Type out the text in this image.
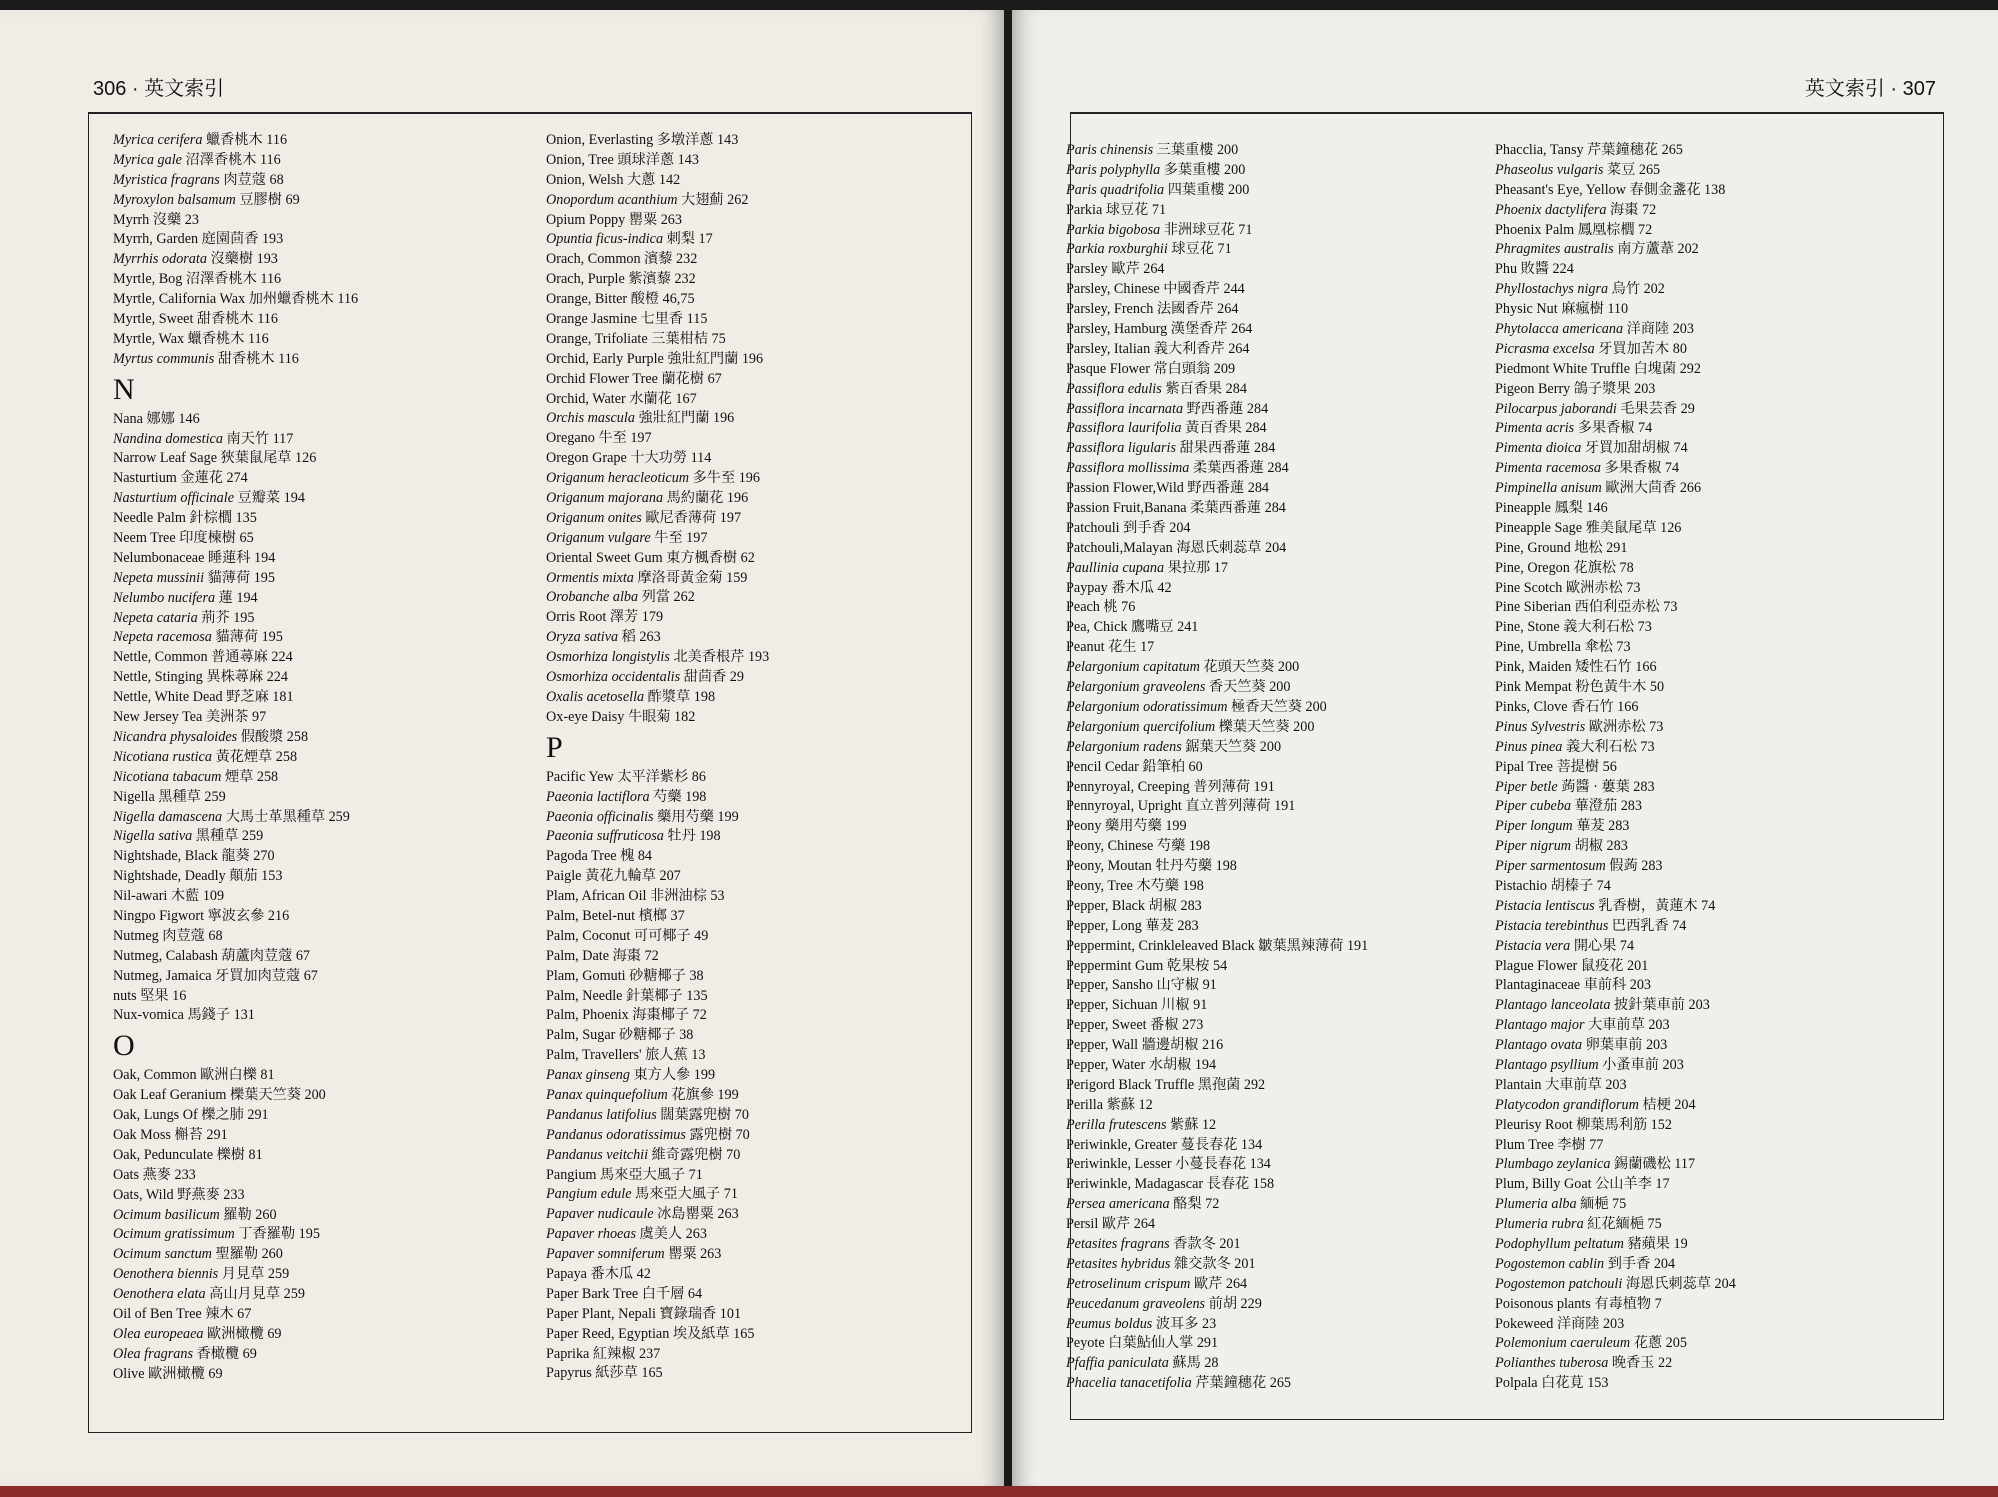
306 · 英文索引	英文索引 · 307
Myrica cerifera 蠟香桃木 116
Myrica gale 沼澤香桃木 116
Myristica fragrans 肉荳蔻 68
Myroxylon balsamum 豆膠樹 69
Myrrh 沒藥 23
Myrrh, Garden 庭園茴香 193
Myrrhis odorata 沒藥樹 193
Myrtle, Bog 沼澤香桃木 116
Myrtle, California Wax 加州蠟香桃木 116
Myrtle, Sweet 甜香桃木 116
Myrtle, Wax 蠟香桃木 116
Myrtus communis 甜香桃木 116
N
Nana 娜娜 146
Nandina domestica 南天竹 117
Narrow Leaf Sage 狹葉鼠尾草 126
Nasturtium 金蓮花 274
Nasturtium officinale 豆瓣菜 194
Needle Palm 針棕櫚 135
Neem Tree 印度楝樹 65
Nelumbonaceae 睡蓮科 194
Nepeta mussinii 貓薄荷 195
Nelumbo nucifera 蓮 194
Nepeta cataria 荊芥 195
Nepeta racemosa 貓薄荷 195
Nettle, Common 普通蕁麻 224
Nettle, Stinging 異株蕁麻 224
Nettle, White Dead 野芝麻 181
New Jersey Tea 美洲茶 97
Nicandra physaloides 假酸漿 258
Nicotiana rustica 黃花煙草 258
Nicotiana tabacum 煙草 258
Nigella 黑種草 259
Nigella damascena 大馬士革黑種草 259
Nigella sativa 黑種草 259
Nightshade, Black 龍葵 270
Nightshade, Deadly 顛茄 153
Nil-awari 木藍 109
Ningpo Figwort 寧波玄參 216
Nutmeg 肉荳蔻 68
Nutmeg, Calabash 葫蘆肉荳蔻 67
Nutmeg, Jamaica 牙買加肉荳蔻 67
nuts 堅果 16
Nux-vomica 馬錢子 131
O
Oak, Common 歐洲白櫟 81
Oak Leaf Geranium 櫟葉天竺葵 200
Oak, Lungs Of 櫟之肺 291
Oak Moss 槲苔 291
Oak, Pedunculate 櫟樹 81
Oats 燕麥 233
Oats, Wild 野燕麥 233
Ocimum basilicum 羅勒 260
Ocimum gratissimum 丁香羅勒 195
Ocimum sanctum 聖羅勒 260
Oenothera biennis 月見草 259
Oenothera elata 高山月見草 259
Oil of Ben Tree 辣木 67
Olea europeaea 歐洲橄欖 69
Olea fragrans 香橄欖 69
Olive 歐洲橄欖 69
Onion, Everlasting 多墩洋蔥 143
Onion, Tree 頭球洋蔥 143
Onion, Welsh 大蔥 142
Onopordum acanthium 大翅薊 262
Opium Poppy 罌粟 263
Opuntia ficus-indica 刺梨 17
Orach, Common 濱藜 232
Orach, Purple 紫濱藜 232
Orange, Bitter 酸橙 46,75
Orange Jasmine 七里香 115
Orange, Trifoliate 三葉柑桔 75
Orchid, Early Purple 強壯紅門蘭 196
Orchid Flower Tree 蘭花樹 67
Orchid, Water 水蘭花 167
Orchis mascula 強壯紅門蘭 196
Oregano 牛至 197
Oregon Grape 十大功勞 114
Origanum heracleoticum 多牛至 196
Origanum majorana 馬約蘭花 196
Origanum onites 歐尼香薄荷 197
Origanum vulgare 牛至 197
Oriental Sweet Gum 東方楓香樹 62
Ormentis mixta 摩洛哥黃金菊 159
Orobanche alba 列當 262
Orris Root 澤芳 179
Oryza sativa 稻 263
Osmorhiza longistylis 北美香根芹 193
Osmorhiza occidentalis 甜茴香 29
Oxalis acetosella 酢漿草 198
Ox-eye Daisy 牛眼菊 182
P
Pacific Yew 太平洋紫杉 86
Paeonia lactiflora 芍藥 198
Paeonia officinalis 藥用芍藥 199
Paeonia suffruticosa 牡丹 198
Pagoda Tree 槐 84
Paigle 黃花九輪草 207
Plam, African Oil 非洲油棕 53
Palm, Betel-nut 檳榔 37
Palm, Coconut 可可椰子 49
Palm, Date 海棗 72
Plam, Gomuti 砂糖椰子 38
Palm, Needle 針葉椰子 135
Palm, Phoenix 海棗椰子 72
Palm, Sugar 砂糖椰子 38
Palm, Travellers' 旅人蕉 13
Panax ginseng 東方人參 199
Panax quinquefolium 花旗參 199
Pandanus latifolius 闊葉露兜樹 70
Pandanus odoratissimus 露兜樹 70
Pandanus veitchii 維奇露兜樹 70
Pangium 馬來亞大風子 71
Pangium edule 馬來亞大風子 71
Papaver nudicaule 冰島罌粟 263
Papaver rhoeas 虞美人 263
Papaver somniferum 罌粟 263
Papaya 番木瓜 42
Paper Bark Tree 白千層 64
Paper Plant, Nepali 寶錄瑞香 101
Paper Reed, Egyptian 埃及紙草 165
Paprika 紅辣椒 237
Papyrus 紙莎草 165
Paris chinensis 三葉重樓 200
Paris polyphylla 多葉重樓 200
Paris quadrifolia 四葉重樓 200
Parkia 球豆花 71
Parkia bigobosa 非洲球豆花 71
Parkia roxburghii 球豆花 71
Parsley 歐芹 264
Parsley, Chinese 中國香芹 244
Parsley, French 法國香芹 264
Parsley, Hamburg 漢堡香芹 264
Parsley, Italian 義大利香芹 264
Pasque Flower 常白頭翁 209
Passiflora edulis 紫百香果 284
Passiflora incarnata 野西番蓮 284
Passiflora laurifolia 黃百香果 284
Passiflora ligularis 甜果西番蓮 284
Passiflora mollissima 柔葉西番蓮 284
Passion Flower,Wild 野西番蓮 284
Passion Fruit,Banana 柔葉西番蓮 284
Patchouli 到手香 204
Patchouli,Malayan 海恩氏刺蕊草 204
Paullinia cupana 果拉那 17
Paypay 番木瓜 42
Peach 桃 76
Pea, Chick 鷹嘴豆 241
Peanut 花生 17
Pelargonium capitatum 花頭天竺葵 200
Pelargonium graveolens 香天竺葵 200
Pelargonium odoratissimum 極香天竺葵 200
Pelargonium quercifolium 櫟葉天竺葵 200
Pelargonium radens 鋸葉天竺葵 200
Pencil Cedar 鉛筆柏 60
Pennyroyal, Creeping 普列薄荷 191
Pennyroyal, Upright 直立普列薄荷 191
Peony 藥用芍藥 199
Peony, Chinese 芍藥 198
Peony, Moutan 牡丹芍藥 198
Peony, Tree 木芍藥 198
Pepper, Black 胡椒 283
Pepper, Long 蓽茇 283
Peppermint, Crinkleleaved Black 皺葉黑辣薄荷 191
Peppermint Gum 乾果桉 54
Pepper, Sansho 山守椒 91
Pepper, Sichuan 川椒 91
Pepper, Sweet 番椒 273
Pepper, Wall 牆邊胡椒 216
Pepper, Water 水胡椒 194
Perigord Black Truffle 黑孢菌 292
Perilla 紫蘇 12
Perilla frutescens 紫蘇 12
Periwinkle, Greater 蔓長春花 134
Periwinkle, Lesser 小蔓長春花 134
Periwinkle, Madagascar 長春花 158
Persea americana 酪梨 72
Persil 歐芹 264
Petasites fragrans 香款冬 201
Petasites hybridus 雜交款冬 201
Petroselinum crispum 歐芹 264
Peucedanum graveolens 前胡 229
Peumus boldus 波耳多 23
Peyote 白葉鮎仙人掌 291
Pfaffia paniculata 蘇馬 28
Phacelia tanacetifolia 芹葉鐘穗花 265
Phacclia, Tansy 芹葉鐘穗花 265
Phaseolus vulgaris 菜豆 265
Pheasant's Eye, Yellow 春側金盞花 138
Phoenix dactylifera 海棗 72
Phoenix Palm 鳳凰棕櫚 72
Phragmites australis 南方蘆葦 202
Phu 敗醬 224
Phyllostachys nigra 烏竹 202
Physic Nut 麻瘋樹 110
Phytolacca americana 洋商陸 203
Picrasma excelsa 牙買加苦木 80
Piedmont White Truffle 白塊菌 292
Pigeon Berry 鴿子漿果 203
Pilocarpus jaborandi 毛果芸香 29
Pimenta acris 多果香椒 74
Pimenta dioica 牙買加甜胡椒 74
Pimenta racemosa 多果香椒 74
Pimpinella anisum 歐洲大茴香 266
Pineapple 鳳梨 146
Pineapple Sage 雅美鼠尾草 126
Pine, Ground 地松 291
Pine, Oregon 花旗松 78
Pine Scotch 歐洲赤松 73
Pine Siberian 西伯利亞赤松 73
Pine, Stone 義大利石松 73
Pine, Umbrella 傘松 73
Pink, Maiden 矮性石竹 166
Pink Mempat 粉色黃牛木 50
Pinks, Clove 香石竹 166
Pinus Sylvestris 歐洲赤松 73
Pinus pinea 義大利石松 73
Pipal Tree 菩提樹 56
Piper betle 蒟醬 · 蔞葉 283
Piper cubeba 蓽澄茄 283
Piper longum 蓽茇 283
Piper nigrum 胡椒 283
Piper sarmentosum 假蒟 283
Pistachio 胡榛子 74
Pistacia lentiscus 乳香樹，黃蓮木 74
Pistacia terebinthus 巴西乳香 74
Pistacia vera 開心果 74
Plague Flower 鼠疫花 201
Plantaginaceae 車前科 203
Plantago lanceolata 披針葉車前 203
Plantago major 大車前草 203
Plantago ovata 卵葉車前 203
Plantago psyllium 小蚤車前 203
Plantain 大車前草 203
Platycodon grandiflorum 桔梗 204
Pleurisy Root 柳葉馬利筋 152
Plum Tree 李樹 77
Plumbago zeylanica 錫蘭磯松 117
Plum, Billy Goat 公山羊李 17
Plumeria alba 緬梔 75
Plumeria rubra 紅花緬梔 75
Podophyllum peltatum 豬蘋果 19
Pogostemon cablin 到手香 204
Pogostemon patchouli 海恩氏刺蕊草 204
Poisonous plants 有毒植物 7
Pokeweed 洋商陸 203
Polemonium caeruleum 花蔥 205
Polianthes tuberosa 晚香玉 22
Polpala 白花莧 153
